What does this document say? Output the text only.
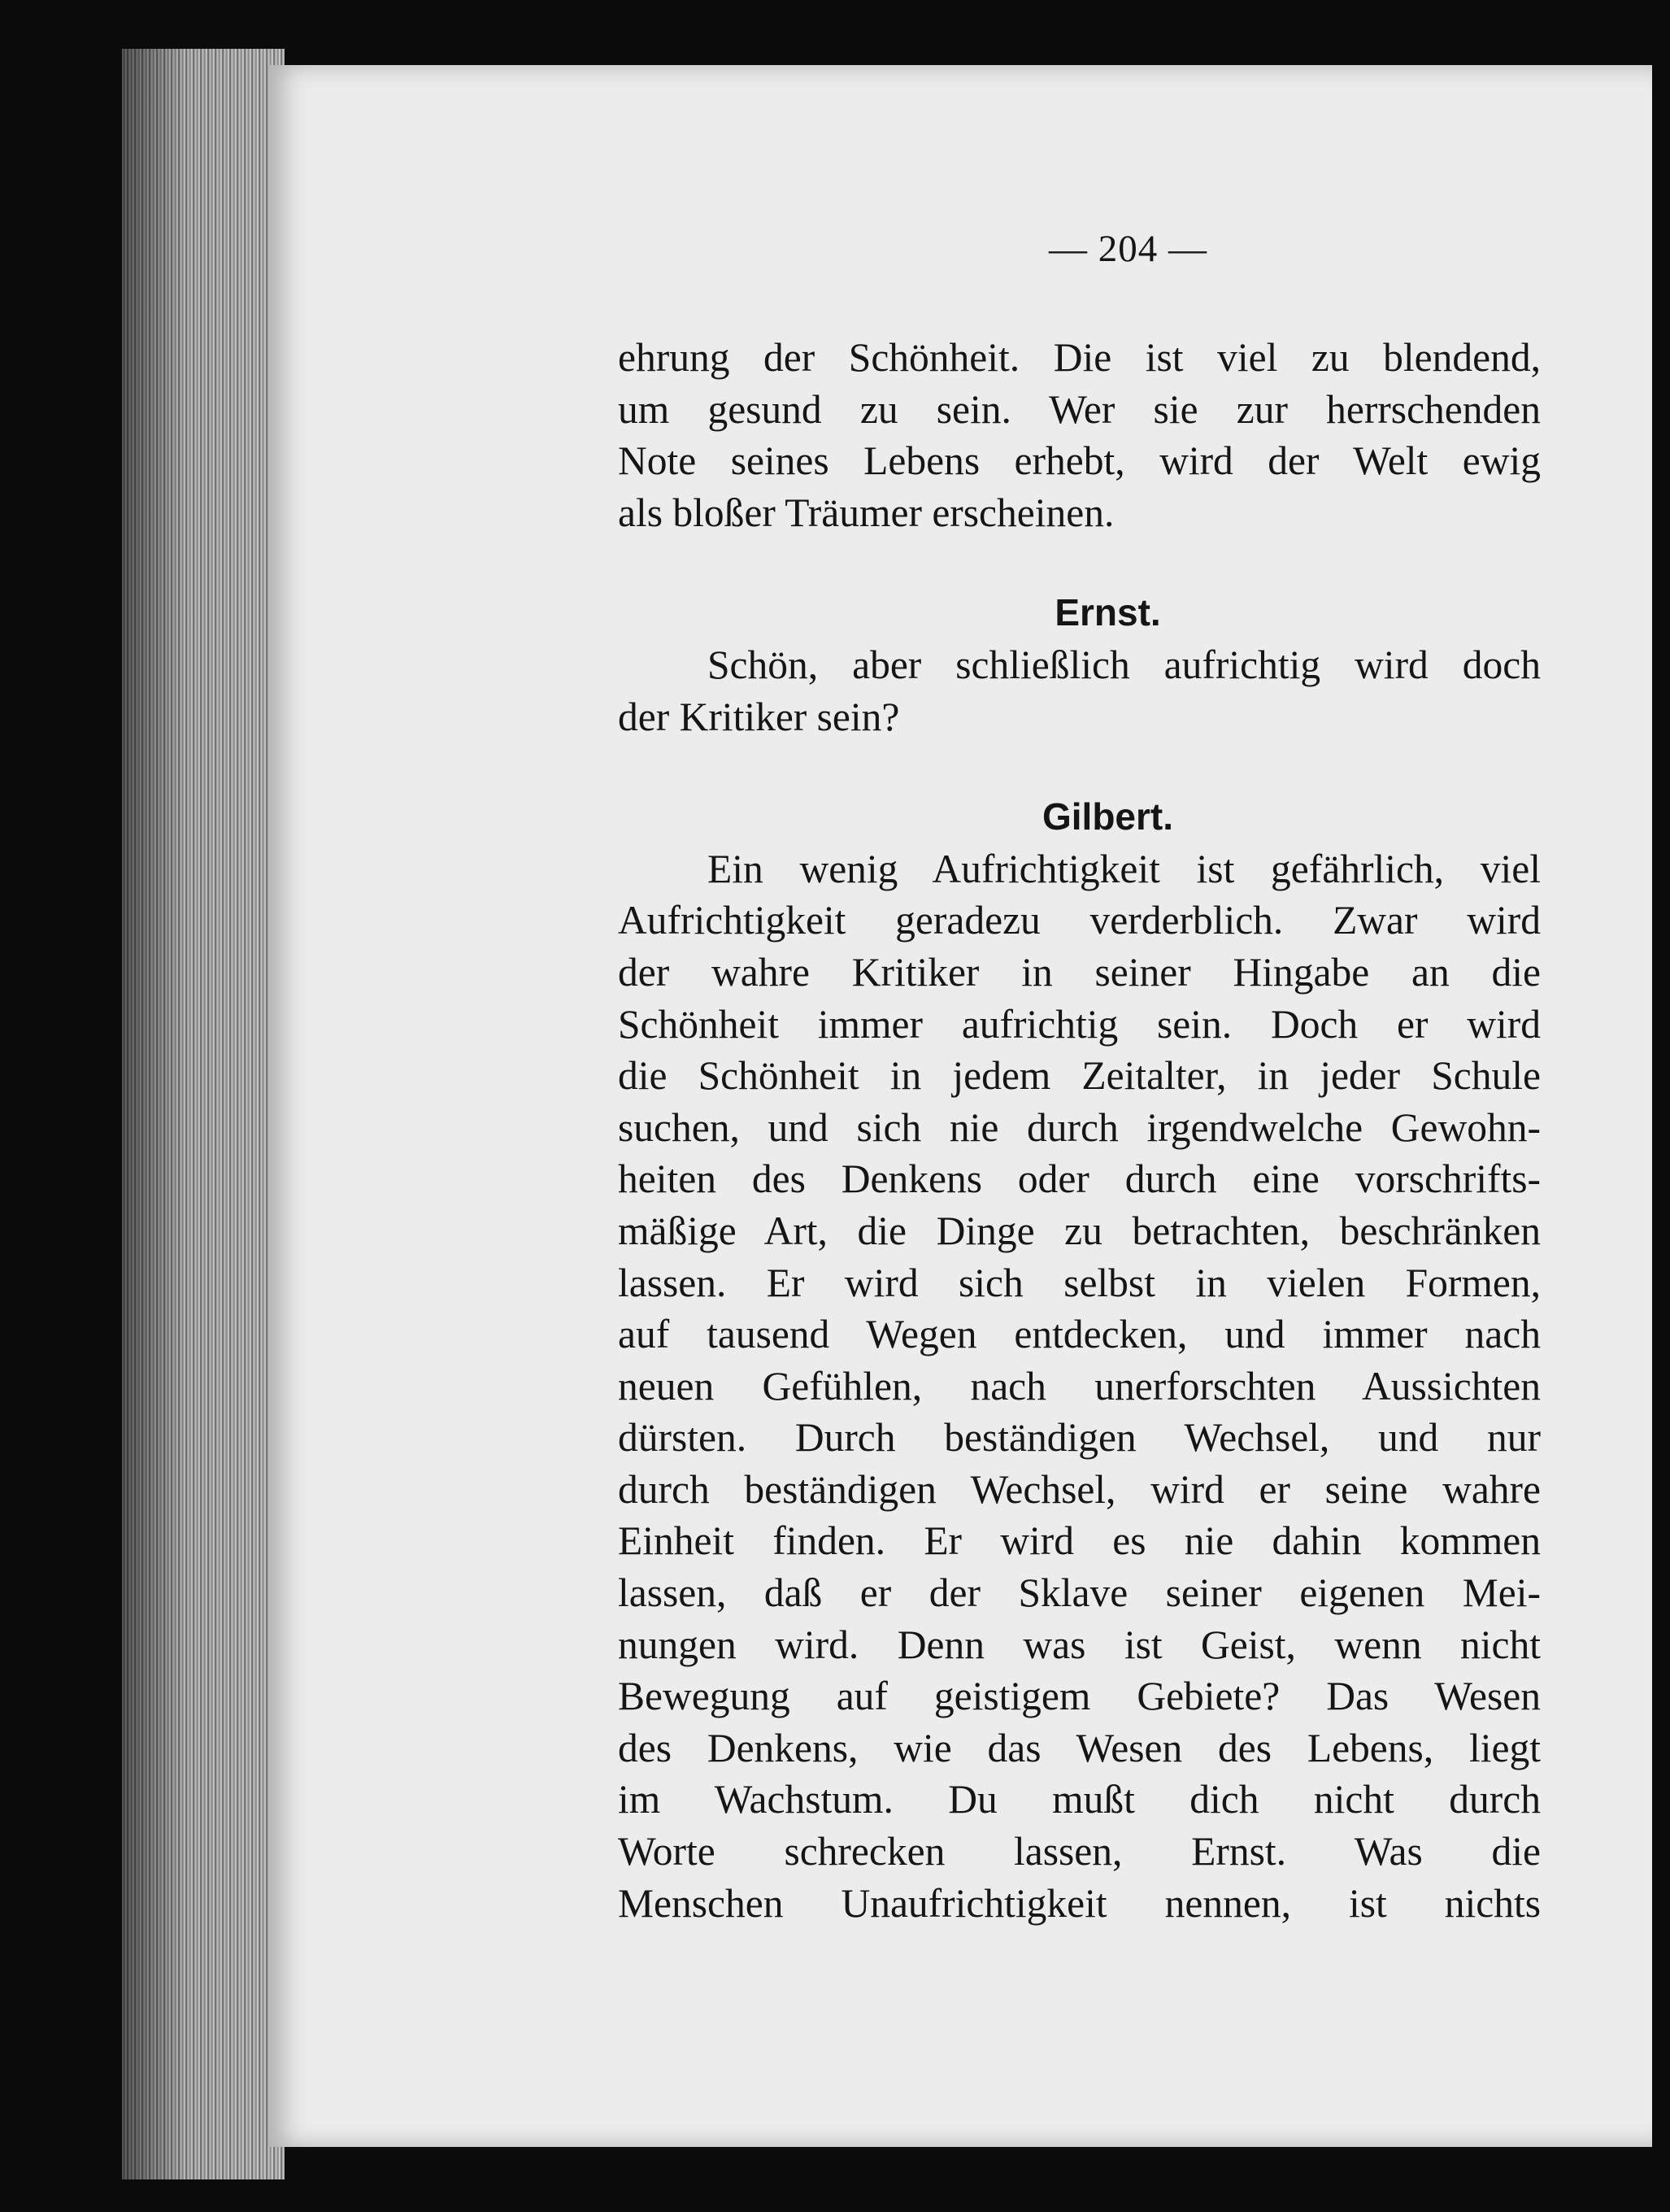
— 204 —
ehrung der Schönheit. Die ist viel zu blendend,
um gesund zu sein. Wer sie zur herrschenden
Note seines Lebens erhebt, wird der Welt ewig
als bloßer Träumer erscheinen.
Ernst.
Schön, aber schließlich aufrichtig wird doch
der Kritiker sein?
Gilbert.
Ein wenig Aufrichtigkeit ist gefährlich, viel
Aufrichtigkeit geradezu verderblich. Zwar wird
der wahre Kritiker in seiner Hingabe an die
Schönheit immer aufrichtig sein. Doch er wird
die Schönheit in jedem Zeitalter, in jeder Schule
suchen, und sich nie durch irgendwelche Gewohn-
heiten des Denkens oder durch eine vorschrifts-
mäßige Art, die Dinge zu betrachten, beschränken
lassen. Er wird sich selbst in vielen Formen,
auf tausend Wegen entdecken, und immer nach
neuen Gefühlen, nach unerforschten Aussichten
dürsten. Durch beständigen Wechsel, und nur
durch beständigen Wechsel, wird er seine wahre
Einheit finden. Er wird es nie dahin kommen
lassen, daß er der Sklave seiner eigenen Mei-
nungen wird. Denn was ist Geist, wenn nicht
Bewegung auf geistigem Gebiete? Das Wesen
des Denkens, wie das Wesen des Lebens, liegt
im Wachstum. Du mußt dich nicht durch
Worte schrecken lassen, Ernst. Was die
Menschen Unaufrichtigkeit nennen, ist nichts
